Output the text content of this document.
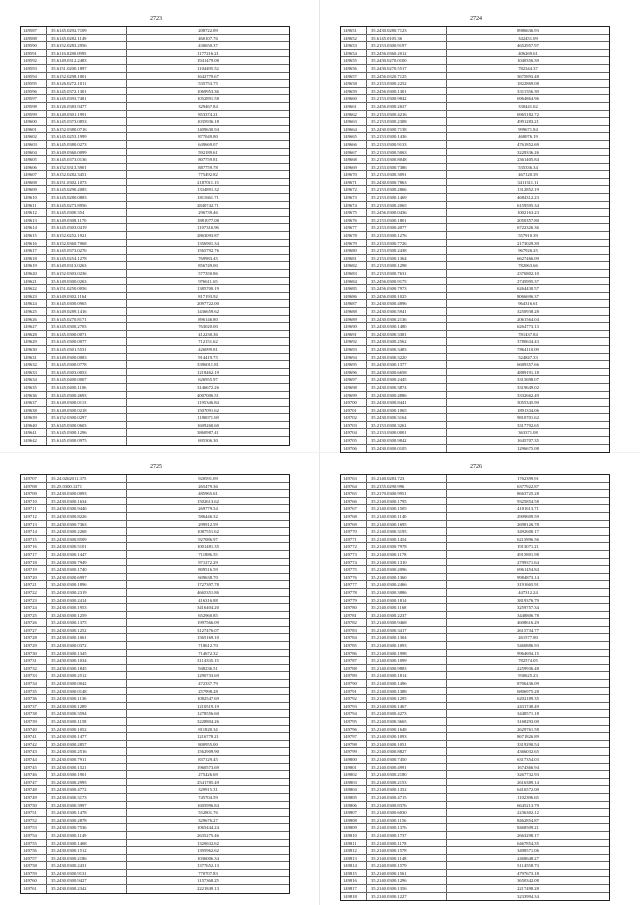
2723
149587	35.6145.0292.7109	208722.89
149588	35.6145.0282.1149	460107.76
149590	35.6152.0283.2956	430650.37
149591	35.6116.0280.0995	1177216.21
149592	35.6149.0312.2483	1941479.08
149593	35.6151.0200.1897	1104495.52
149594	35.6152.0298.1001	1642779.67
149595	35.6126.0272.1011	535753.75
149596	35.6145.0372.1301	1069953.36
149597	35.6145.0393.7481	1052891.58
149598	35.6126.0383.9477	329467.84
149599	35.6149.0301.1991	853374.21
149600	35.6145.0373.0853	1035936.18
149601	35.6152.0380.0716	1409630.94
149602	35.6145.0253.1999	877049.80
149603	35.6145.0380.0273	649669.07
149604	35.6149.0360.0099	592189.61
149605	35.6145.0373.0136	807759.81
149606	35.6152.0313.3901	887759.78
149607	35.6152.0282.3451	775492.82
149608	35.6151.0302.1073	2187011.15
149609	35.6145.0290.2085	1334891.32
149610	35.6145.0280.0883	1811661.71
149611	35.6145.0273.8956	2840742.71
149612	35.6145.0300.354	296739.46
149613	35.6149.0308.1170	1881077.08
149614	35.6145.0303.0419	1107316.96
149615	35.6152.0252.1921	2863093.87
149616	35.6152.0360.7068	1356901.34
149617	35.6145.0373.0276	1565792.76
149618	35.6145.0254.1278	769983.45
149619	35.6149.0313.0263	856749.00
149620	35.6152.0303.0236	577350.86
149621	35.6149.0300.0263	976611.65
149622	35.6151.0250.0056	1385700.19
149623	35.6149.0302.1164	817193.92
149624	35.6145.0300.0965	2097722.00
149625	35.6149.0289.1416	1436659.62
149626	35.6145.0270.8171	896146.80
149627	35.6145.0300.2703	763020.00
149628	35.6145.0300.0071	412230.36
149629	35.6145.0300.0077	712151.62
149630	35.6145.0301.5531	426099.81
149631	35.6149.0300.0083	914419.75
149632	35.6145.0300.0778	3396011.81
149633	35.6145.0303.0053	1218462.19
149634	35.6145.0400.0007	626955.97
149635	35.6145.0400.1106	3146672.26
149636	35.6145.0300.4693	4007006.51
149637	35.6149.0300.0113	1195346.84
149638	35.6149.0300.0218	1507091.62
149639	35.6152.0300.0297	1180071.69
149640	35.6145.0300.0603	1609260.60
149641	35.6145.0300.1296	3860987.41
149642	35.6145.0300.0975	695306.30
2724
149651	35.2430.0280.7123	8986636.93
149652	35.6145.0105.36	342451.09
149653	35.2153.0300.9197	4652957.97
149654	35.2456.0360.2012	406269.61
149655	35.2430.0270.0100	1040356.39
149656	35.2430.0270.5517	782344.37
149657	35.2456.0320.7125	3675893.48
149658	35.2153.0300.2252	1822869.08
149659	35.2456.0300.1301	3311556.39
149660	35.2153.0300.9842	6964864.96
149661	35.2456.0300.2637	330441.62
149662	35.2153.0300.4216	6965182.72
149663	35.2153.0300.2308	4991283.21
149664	35.2430.0300.7138	999671.84
149665	35.2153.0300.1436	468076.19
149666	35.2153.0300.9133	4761852.69
149667	35.2153.0300.5063	3229336.26
149668	35.2153.0300.8048	2361405.84
149669	35.2153.0300.7386	535336.34
149670	35.2153.0300.3091	467120.39
149671	35.2430.0300.7863	3411311.11
149672	35.2153.0300.2866	1312852.19
149673	35.2153.0300.1469	4684312.23
149674	35.2153.0300.2065	6159595.34
149675	35.2456.0300.0436	1002163.23
149676	35.2153.0300.1801	2050357.80
149677	35.2153.0300.4077	6722326.36
149678	35.2153.0300.1276	557910.39
149679	35.2153.0300.7726	2173029.39
149680	35.2153.0300.2438	967926.25
149681	35.2153.0300.1364	6627466.09
149682	35.2153.0300.1298	782063.66
149683	35.2153.0300.7631	2376802.10
149684	35.2456.0300.9175	2745995.37
149685	35.2456.0300.7973	6264430.57
149686	35.2456.0300.1025	8066696.37
149687	35.2430.0300.4896	964316.61
149688	35.2430.0300.5941	3250938.28
149689	35.2430.0300.2136	2061564.04
149690	35.2430.0300.1480	6264773.13
149691	35.2430.0300.3381	781437.84
149692	35.2430.0300.2562	3780634.43
149693	35.2430.0300.3483	7864110.09
149694	35.2430.0300.3220	524847.33
149695	35.2430.0300.1377	6689357.66
149696	35.2430.0300.6658	4889191.18
149697	35.2430.0300.2445	3315698.07
149698	35.2430.0300.3874	3319649.02
149699	35.2430.0300.4886	3332662.49
149700	35.2430.0300.8441	3055345.90
149701	35.2430.0300.1065	1891334.06
149702	35.2430.0300.3164	9810701.62
149703	35.2153.0300.3261	3317792.65
149704	35.2153.0300.0001	363371.08
149705	35.2430.0300.9842	1645707.35
149706	35.2430.0300.0105	1296675.08
2725
149707	35.24.0262011.375	920591.09
149708	35.25.0300.1271	265479.36
149709	35.2430.0300.0093	485965.61
149710	35.2430.0300.1634	1502613.62
149711	35.2430.0300.9446	269779.54
149712	35.2430.0300.8226	586446.32
149713	35.2430.0300.7363	299912.59
149714	35.2430.0300.2268	1087551.62
149715	35.2430.0300.8509	927086.97
149716	35.2430.0300.5101	1001481.35
149717	35.2430.0300.1447	711886.55
149718	35.2430.0300.7949	971272.29
149719	35.2430.0300.1740	809516.59
149720	35.2430.0300.6997	609638.70
149721	35.2430.0300.1896	1727397.78
149722	35.2430.0300.2319	4665351.86
149723	35.2430.0300.2414	416316.88
149724	35.2430.0300.1953	3416404.20
149725	35.2430.0300.1259	652960.85
149726	35.2430.0300.1375	1997566.09
149727	35.2430.0300.1252	3127476.07
149728	35.2430.0300.1061	1565169.10
149729	35.2430.0300.0372	718612.70
149730	35.2430.0300.1345	714672.32
149731	35.2430.0300.1034	3114335.15
149732	35.2430.0300.1845	948236.51
149733	35.2430.0300.2512	1290733.69
149734	35.2430.0300.0042	472337.79
149735	35.2430.0300.0148	257998.28
149736	35.2430.0300.1136	1082547.69
149737	35.2430.0300.1289	1210519.19
149738	35.2430.0300.3594	1278556.60
149739	35.2430.0300.1158	3228804.26
149740	35.2430.0300.1052	811828.34
149741	35.2430.0300.1477	1216778.21
149742	35.2430.0300.2857	800955.00
149743	35.2430.0300.2516	1562909.90
149744	35.2430.0300.7911	837129.45
149745	35.2430.0300.1521	1960573.69
149746	35.2430.0300.1901	275426.69
149747	35.2430.0300.2995	2541785.49
149748	35.2430.0300.4772	329915.31
149749	35.2430.0300.3173	745704.59
149750	35.2430.0300.3997	1605996.84
149751	35.2430.0300.1478	552801.76
149752	35.2430.0300.2878	329676.27
149753	35.2430.0300.7536	1065444.24
149754	35.2430.0300.1149	2635275.46
149755	35.2430.0300.1468	1320632.62
149756	35.2430.0300.1512	1395962.62
149757	35.2430.0300.2186	1036006.34
149758	35.2430.0300.2431	1377652.13
149759	35.2430.0300.9131	770707.83
149760	35.2430.0300.9427	1157368.25
149761	35.2430.0300.2342	2221849.13
2726
149763	35.2140.0283.723	1762399.91
149764	35.2155.0290.996	6377922.87
149765	35.2170.0300.9951	8663725.28
149766	35.2140.0300.1795	9325854.58
149767	35.2140.0300.1505	4181613.71
149768	35.2140.0300.1140	2909609.59
149769	35.2140.0300.1695	2698126.78
149770	35.2140.0300.3195	3492600.17
149771	35.2140.0300.1454	6215896.56
149772	35.2140.0300.7978	1913071.21
149773	35.2140.0300.1178	4915801.98
149774	35.2140.0300.1310	2799371.64
149775	35.2140.0300.2096	6961454.84
149776	35.2140.0300.1360	9984873.14
149777	35.2140.0300.2466	3191665.91
149778	35.2140.0300.3886	447312.24
149779	35.2140.0300.1814	3819376.79
149780	35.2140.0300.1168	3259757.34
149781	35.2140.0300.2237	3448806.78
149782	35.2140.0300.9468	4608616.29
149783	35.2140.0300.3417	2615734.77
149784	35.2140.0300.1304	261577.80
149785	35.2140.0300.1093	5460886.93
149786	35.2140.0300.1998	9964694.15
149787	35.2140.0300.1099	782574.05
149788	35.2140.0300.9883	2259936.48
149789	35.2140.0300.1814	930625.23
149790	35.2140.0300.1496	8706436.09
149791	35.2140.0300.1388	6806975.28
149792	35.2140.0300.1295	6202189.35
149793	35.2140.0300.1467	2431740.49
149794	35.2140.0300.4273	3448571.18
149795	35.2140.0300.3665	3168293.00
149796	35.2140.0300.1648	2629761.58
149797	35.2140.0300.1093	8671826.89
149798	35.2140.0300.1051	3319290.54
149799	35.2140.0300.8827	4366032.65
149800	35.2140.0300.7450	6317354.03
149801	35.2140.0300.4991	1674366.94
149802	35.2140.0300.2180	3267732.93
149803	35.2140.0300.2153	2616389.14
149804	35.2140.0300.1352	6416572.00
149805	35.2140.0300.4715	1102396.65
149806	35.2140.0300.8376	6645213.79
149807	35.2140.0300.6030	2236302.12
149808	35.2140.0300.1156	8462854.87
149809	35.2140.0300.1376	8468509.21
149810	35.2140.0300.1737	2663298.17
149811	35.2140.0300.1178	6467854.35
149812	35.2140.0300.1578	3498571.06
149813	35.2140.0300.1148	2468648.27
149814	35.2140.0300.1579	5114558.73
149815	35.2140.0300.1561	4797673.18
149816	35.2140.0300.1296	3650342.08
149817	35.2140.0300.1356	2217498.28
149818	35.2140.0300.1227	3233994.34
